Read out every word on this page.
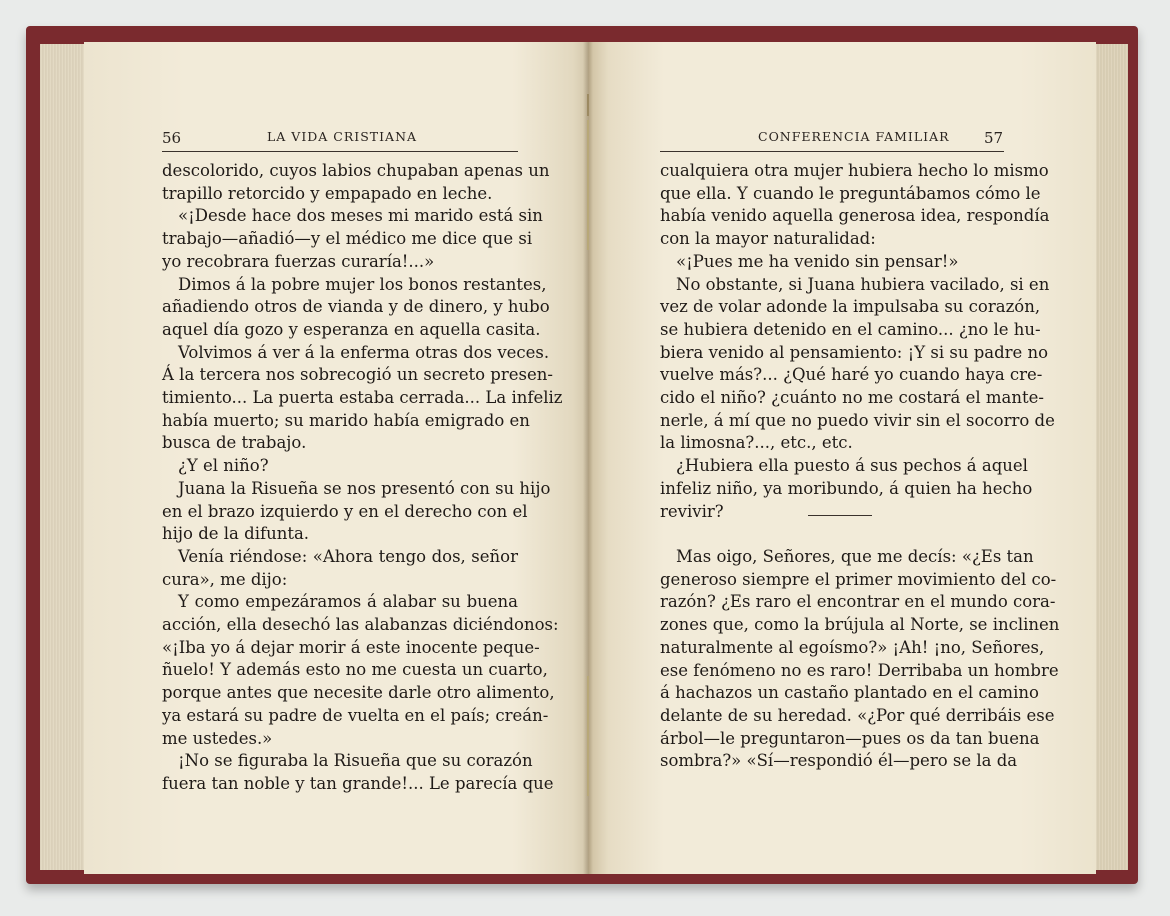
56	LA VIDA CRISTIANA
descolorido, cuyos labios chupaban apenas un
trapillo retorcido y empapado en leche.
«¡Desde hace dos meses mi marido está sin
trabajo—añadió—y el médico me dice que si
yo recobrara fuerzas curaría!...»
Dimos á la pobre mujer los bonos restantes,
añadiendo otros de vianda y de dinero, y hubo
aquel día gozo y esperanza en aquella casita.
Volvimos á ver á la enferma otras dos veces.
Á la tercera nos sobrecogió un secreto presen-
timiento... La puerta estaba cerrada... La infeliz
había muerto; su marido había emigrado en
busca de trabajo.
¿Y el niño?
Juana la Risueña se nos presentó con su hijo
en el brazo izquierdo y en el derecho con el
hijo de la difunta.
Venía riéndose: «Ahora tengo dos, señor
cura», me dijo:
Y como empezáramos á alabar su buena
acción, ella desechó las alabanzas diciéndonos:
«¡Iba yo á dejar morir á este inocente peque-
ñuelo! Y además esto no me cuesta un cuarto,
porque antes que necesite darle otro alimento,
ya estará su padre de vuelta en el país; creán-
me ustedes.»
¡No se figuraba la Risueña que su corazón
fuera tan noble y tan grande!... Le parecía que
CONFERENCIA FAMILIAR 57
cualquiera otra mujer hubiera hecho lo mismo
que ella. Y cuando le preguntábamos cómo le
había venido aquella generosa idea, respondía
con la mayor naturalidad:
«¡Pues me ha venido sin pensar!»
No obstante, si Juana hubiera vacilado, si en
vez de volar adonde la impulsaba su corazón,
se hubiera detenido en el camino... ¿no le hu-
biera venido al pensamiento: ¡Y si su padre no
vuelve más?... ¿Qué haré yo cuando haya cre-
cido el niño? ¿cuánto no me costará el mante-
nerle, á mí que no puedo vivir sin el socorro de
la limosna?..., etc., etc.
¿Hubiera ella puesto á sus pechos á aquel
infeliz niño, ya moribundo, á quien ha hecho
revivir?
Mas oigo, Señores, que me decís: «¿Es tan
generoso siempre el primer movimiento del co-
razón? ¿Es raro el encontrar en el mundo cora-
zones que, como la brújula al Norte, se inclinen
naturalmente al egoísmo?» ¡Ah! ¡no, Señores,
ese fenómeno no es raro! Derribaba un hombre
á hachazos un castaño plantado en el camino
delante de su heredad. «¿Por qué derribáis ese
árbol—le preguntaron—pues os da tan buena
sombra?» «Sí—respondió él—pero se la da
